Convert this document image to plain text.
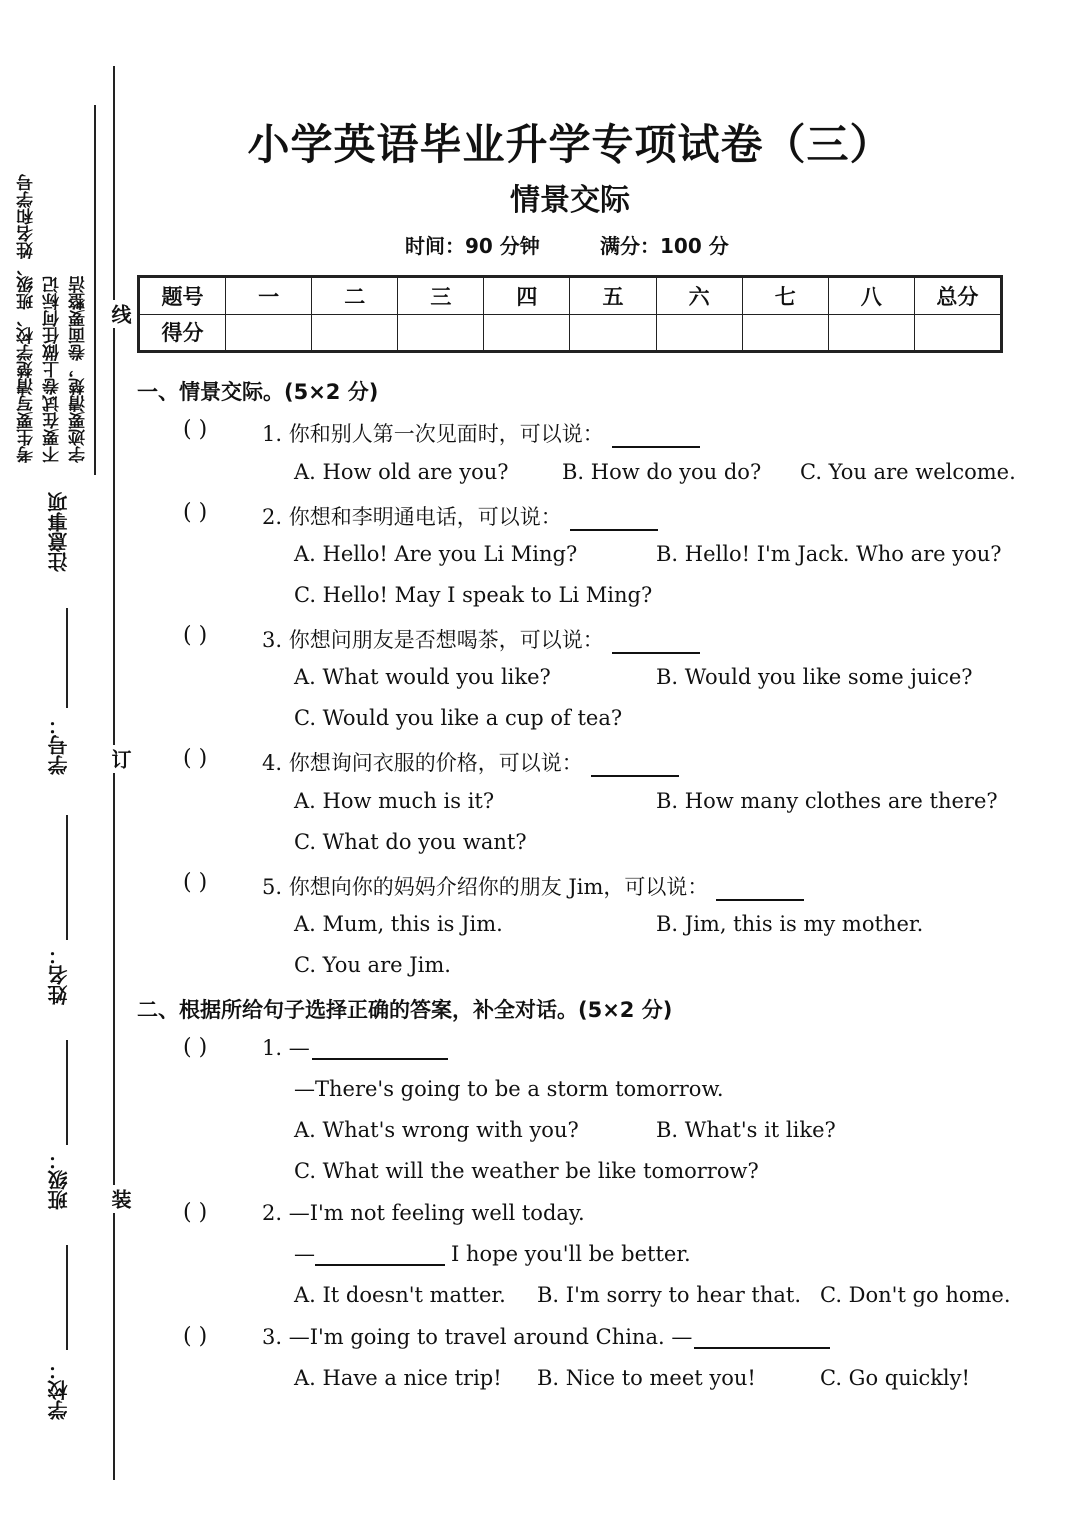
考生要写清楚学校、班级、姓名和学号 不要在试卷上做任何标记 字迹要清楚，卷面要整洁
注意事项
学号：
姓名：
班级：
学校：
线
订
装
小学英语毕业升学专项试卷（三）
情景交际
时间：90 分钟	满分：100 分
题号	一	二	三	四	五	六	七	八	总分
得分									
一、情景交际。(5×2 分)
( )	1. 你和别人第一次见面时，可以说：
A. How old are you?	B. How do you do? C. You are welcome.
( )	2. 你想和李明通电话，可以说：
A. Hello! Are you Li Ming?	B. Hello! I'm Jack. Who are you?
C. Hello! May I speak to Li Ming?
( )	3. 你想问朋友是否想喝茶，可以说：
A. What would you like?	B. Would you like some juice?
C. Would you like a cup of tea?
( )	4. 你想询问衣服的价格，可以说：
A. How much is it?	B. How many clothes are there?
C. What do you want?
( )	5. 你想向你的妈妈介绍你的朋友 Jim，可以说：
A. Mum, this is Jim.	B. Jim, this is my mother.
C. You are Jim.
二、根据所给句子选择正确的答案，补全对话。(5×2 分)
( )	1. —
—There's going to be a storm tomorrow.
A. What's wrong with you?	B. What's it like?
C. What will the weather be like tomorrow?
( )	2. —I'm not feeling well today.
—	I hope you'll be better.
A. It doesn't matter. B. I'm sorry to hear that. C. Don't go home.
( )	3. —I'm going to travel around China. —
A. Have a nice trip! B. Nice to meet you!	C. Go quickly!
